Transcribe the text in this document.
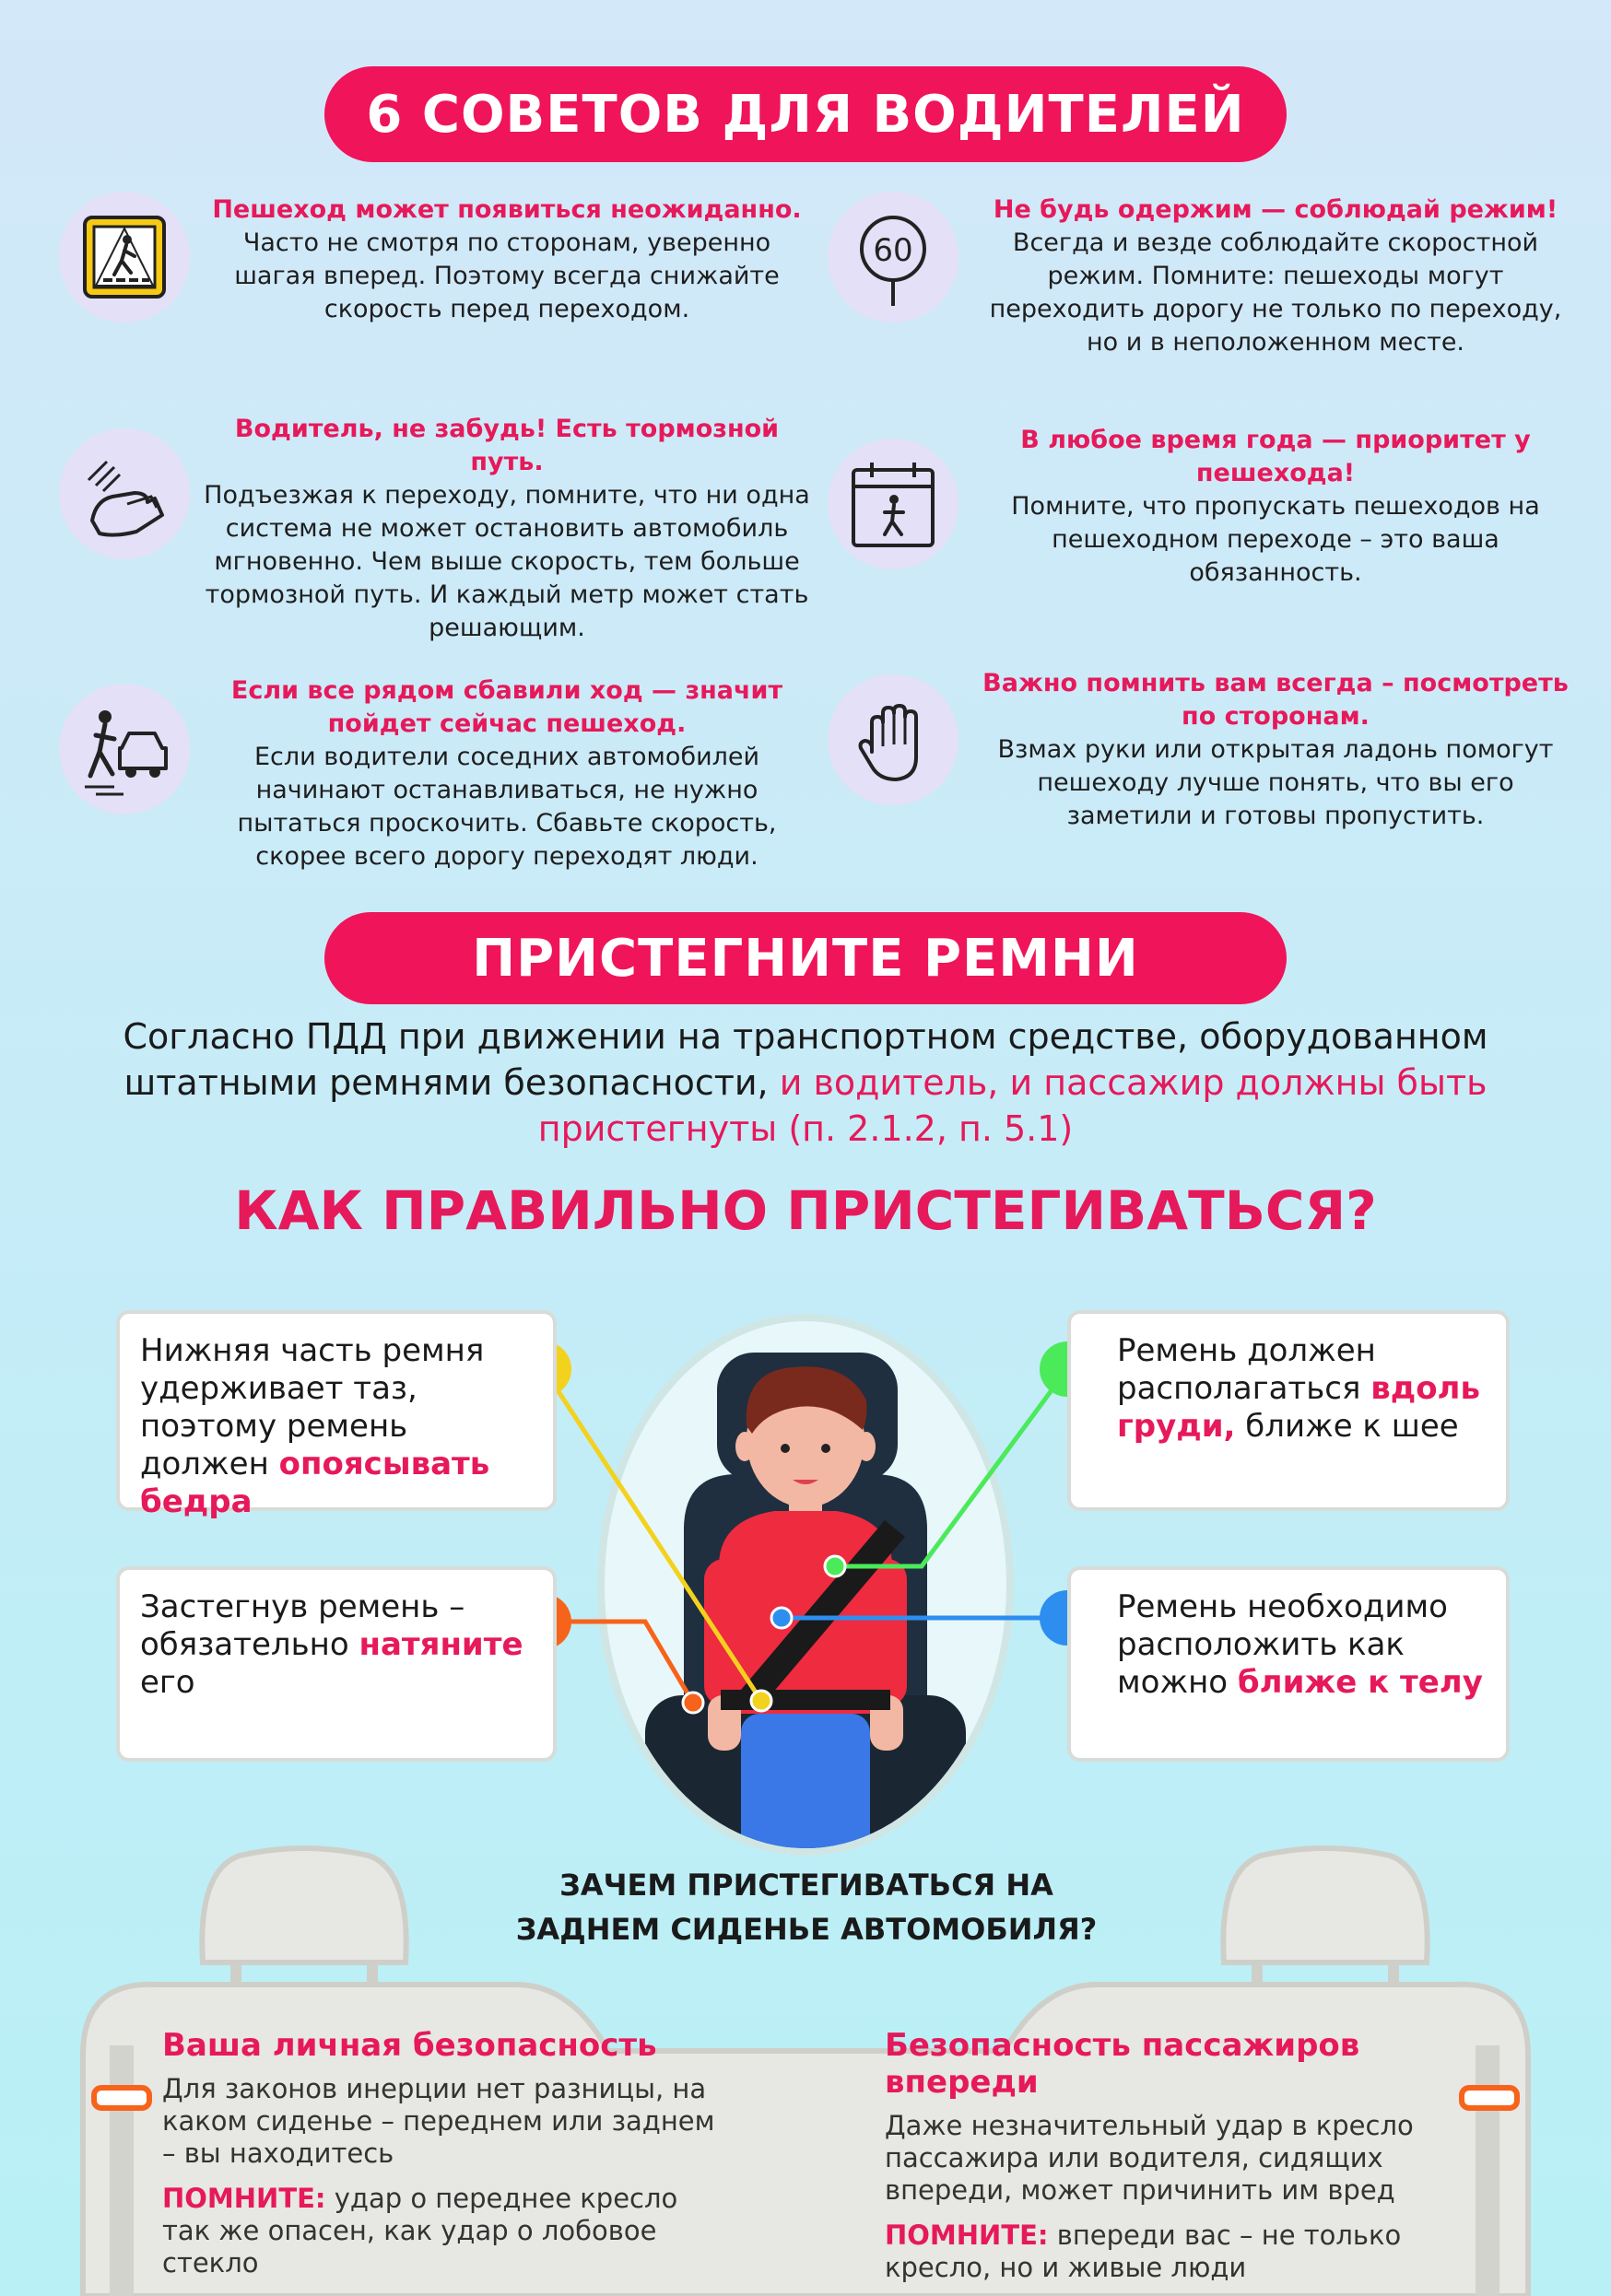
6 СОВЕТОВ ДЛЯ ВОДИТЕЛЕЙ
Пешеход может появиться неожиданно.
Часто не смотря по сторонам, уверенно шагая вперед. Поэтому всегда снижайте скорость перед переходом.
60
Не будь одержим — соблюдай режим!
Всегда и везде соблюдайте скоростной режим. Помните: пешеходы могут переходить дорогу не только по переходу, но и в неположенном месте.
Водитель, не забудь! Есть тормозной путь.
Подъезжая к переходу, помните, что ни одна система не может остановить автомобиль мгновенно. Чем выше скорость, тем больше тормозной путь. И каждый метр может стать решающим.
В любое время года — приоритет у пешехода!
Помните, что пропускать пешеходов на пешеходном переходе – это ваша обязанность.
Если все рядом сбавили ход — значит пойдет сейчас пешеход.
Если водители соседних автомобилей начинают останавливаться, не нужно пытаться проскочить. Сбавьте скорость, скорее всего дорогу переходят люди.
Важно помнить вам всегда – посмотреть по сторонам.
Взмах руки или открытая ладонь помогут пешеходу лучше понять, что вы его заметили и готовы пропустить.
ПРИСТЕГНИТЕ РЕМНИ
Согласно ПДД при движении на транспортном средстве, оборудованном штатными ремнями безопасности, и водитель, и пассажир должны быть пристегнуты (п. 2.1.2, п. 5.1)
КАК ПРАВИЛЬНО ПРИСТЕГИВАТЬСЯ?
Нижняя часть ремня удерживает таз, поэтому ремень должен опоясывать бедра
Застегнув ремень – обязательно натяните его
Ремень должен располагаться вдоль груди, ближе к шее
Ремень необходимо расположить как можно ближе к телу
ЗАЧЕМ ПРИСТЕГИВАТЬСЯ НА ЗАДНЕМ СИДЕНЬЕ АВТОМОБИЛЯ?
Ваша личная безопасность
Для законов инерции нет разницы, на каком сиденье – переднем или заднем – вы находитесь
ПОМНИТЕ: удар о переднее кресло так же опасен, как удар о лобовое стекло
Безопасность пассажиров впереди
Даже незначительный удар в кресло пассажира или водителя, сидящих впереди, может причинить им вред
ПОМНИТЕ: впереди вас – не только кресло, но и живые люди
